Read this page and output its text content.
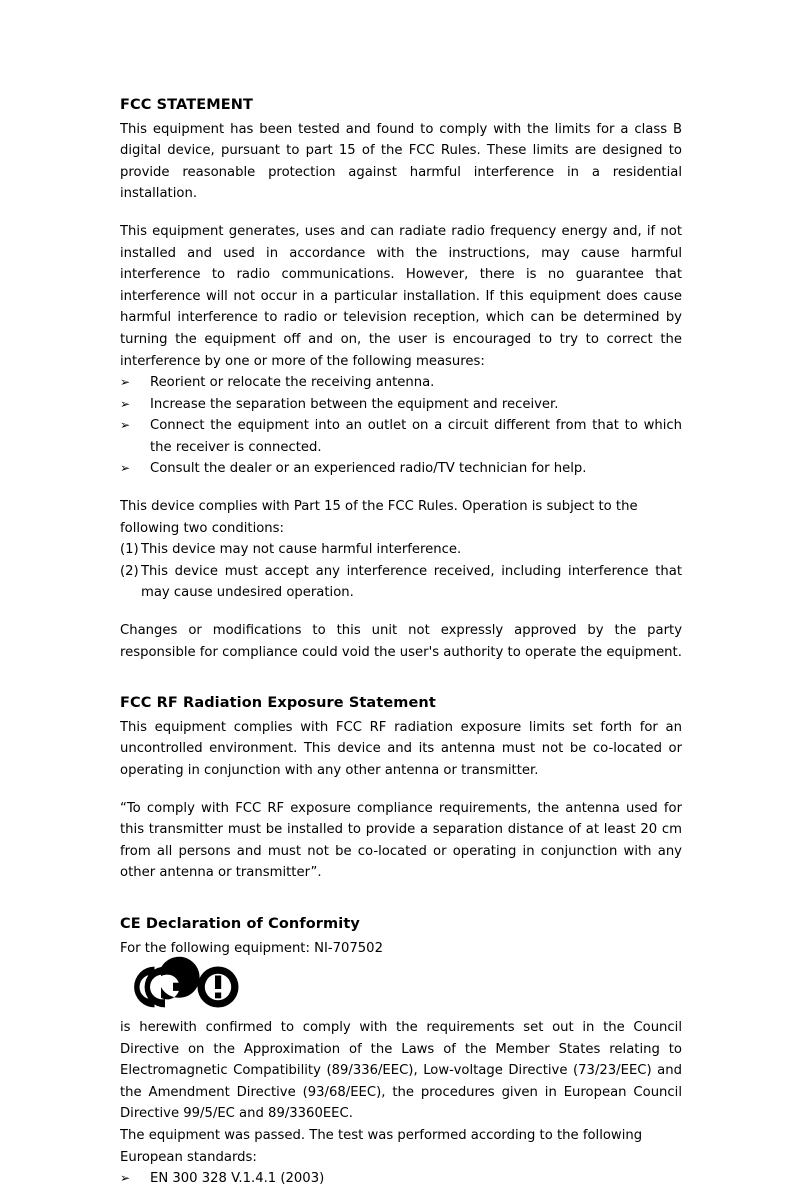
FCC STATEMENT

This equipment has been tested and found to comply with the limits for a class B digital device, pursuant to part 15 of the FCC Rules. These limits are designed to provide reasonable protection against harmful interference in a residential installation.

This equipment generates, uses and can radiate radio frequency energy and, if not installed and used in accordance with the instructions, may cause harmful interference to radio communications. However, there is no guarantee that interference will not occur in a particular installation. If this equipment does cause harmful interference to radio or television reception, which can be determined by turning the equipment off and on, the user is encouraged to try to correct the interference by one or more of the following measures:

➢ Reorient or relocate the receiving antenna.
➢ Increase the separation between the equipment and receiver.
➢ Connect the equipment into an outlet on a circuit different from that to which the receiver is connected.
➢ Consult the dealer or an experienced radio/TV technician for help.

This device complies with Part 15 of the FCC Rules. Operation is subject to the following two conditions:

(1) This device may not cause harmful interference.
(2) This device must accept any interference received, including interference that may cause undesired operation.

Changes or modifications to this unit not expressly approved by the party responsible for compliance could void the user's authority to operate the equipment.

FCC RF Radiation Exposure Statement

This equipment complies with FCC RF radiation exposure limits set forth for an uncontrolled environment. This device and its antenna must not be co-located or operating in conjunction with any other antenna or transmitter.

“To comply with FCC RF exposure compliance requirements, the antenna used for this transmitter must be installed to provide a separation distance of at least 20 cm from all persons and must not be co-located or operating in conjunction with any other antenna or transmitter”.

CE Declaration of Conformity

For the following equipment: NI-707502

is herewith confirmed to comply with the requirements set out in the Council Directive on the Approximation of the Laws of the Member States relating to Electromagnetic Compatibility (89/336/EEC), Low-voltage Directive (73/23/EEC) and the Amendment Directive (93/68/EEC), the procedures given in European Council Directive 99/5/EC and 89/3360EEC.

The equipment was passed. The test was performed according to the following European standards:

➢ EN 300 328 V.1.4.1 (2003)
